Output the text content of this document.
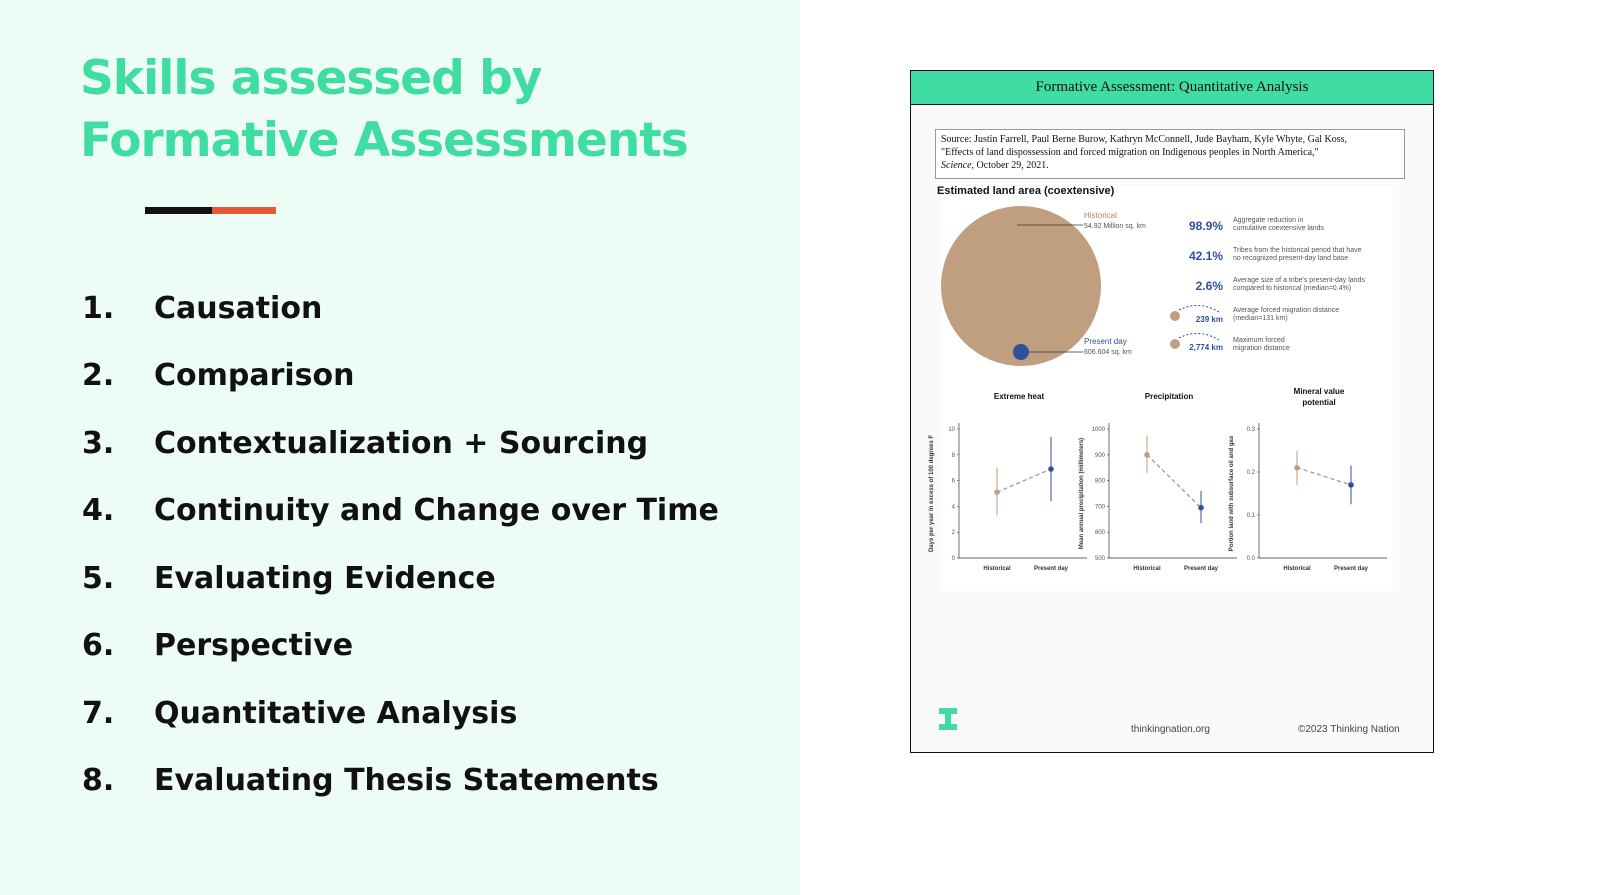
Skills assessed by
Formative Assessments
1.	Causation
2.	Comparison
3.	Contextualization + Sourcing
4.	Continuity and Change over Time
5.	Evaluating Evidence
6.	Perspective
7.	Quantitative Analysis
8.	Evaluating Thesis Statements
Formative Assessment: Quantitative Analysis
Source: Justin Farrell, Paul Berne Burow, Kathryn McConnell, Jude Bayham, Kyle Whyte, Gal Koss,
"Effects of land dispossession and forced migration on Indigenous peoples in North America,"
Science, October 29, 2021.
Estimated land area (coextensive)
Historical
54.92 Million sq. km
Present day
606.604 sq. km
98.9% Aggregate reduction in
cumulative coextensive lands
42.1% Tribes from the historical period that have
no recognized present-day land base
2.6% Average size of a tribe's present-day lands
compared to historical (median=0.4%)
239 km
Average forced migration distance
(median=131 km)
2,774 km
Maximum forced
migration distance
Extreme heat
0
2
4
6
8
10
Days per year in excess of 100 degrees F
Historical	Present day
Precipitation
500
600
700
800
900
1000
Mean annual precipitation (millimeters)
Historical	Present day
Mineral value
potential
0.0
0.1
0.2
0.3
Portion land with subsurface oil and gas
Historical	Present day
thinkingnation.org	©2023 Thinking Nation
